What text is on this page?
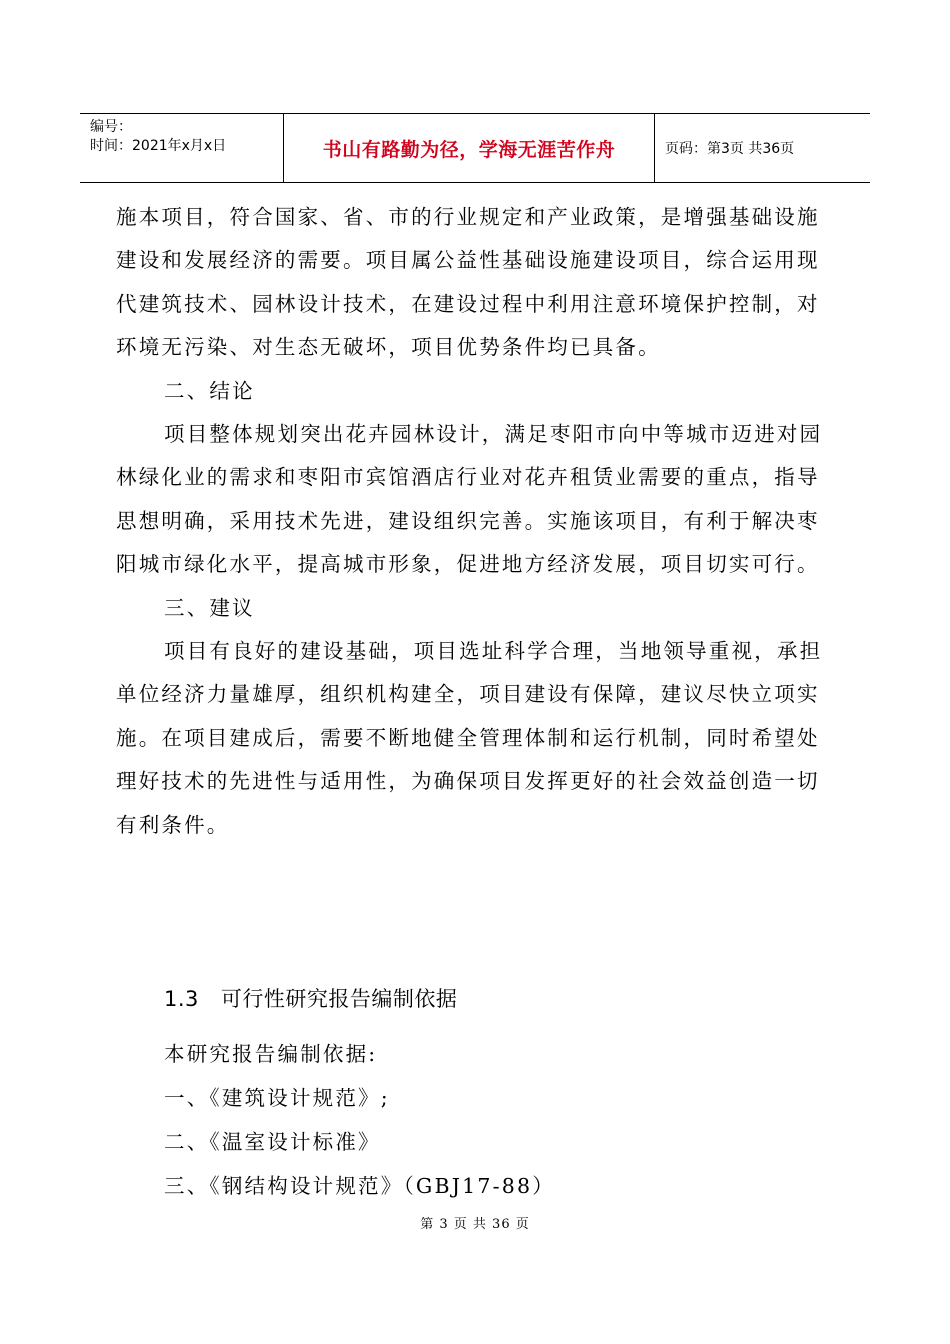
编号：
时间：2021年x月x日	书山有路勤为径，学海无涯苦作舟	页码：第3页 共36页

施本项目，符合国家、省、市的行业规定和产业政策，是增强基础设施建设和发展经济的需要。项目属公益性基础设施建设项目，综合运用现代建筑技术、园林设计技术，在建设过程中利用注意环境保护控制，对环境无污染、对生态无破坏，项目优势条件均已具备。

二、结论

项目整体规划突出花卉园林设计，满足枣阳市向中等城市迈进对园林绿化业的需求和枣阳市宾馆酒店行业对花卉租赁业需要的重点，指导思想明确，采用技术先进，建设组织完善。实施该项目，有利于解决枣阳城市绿化水平，提高城市形象，促进地方经济发展，项目切实可行。

三、建议

项目有良好的建设基础，项目选址科学合理，当地领导重视，承担单位经济力量雄厚，组织机构建全，项目建设有保障，建议尽快立项实施。在项目建成后，需要不断地健全管理体制和运行机制，同时希望处理好技术的先进性与适用性，为确保项目发挥更好的社会效益创造一切有利条件。

1.3 可行性研究报告编制依据

本研究报告编制依据:

一、《建筑设计规范》;

二、《温室设计标准》

三、《钢结构设计规范》（GBJ17-88）

第 3 页 共 36 页
